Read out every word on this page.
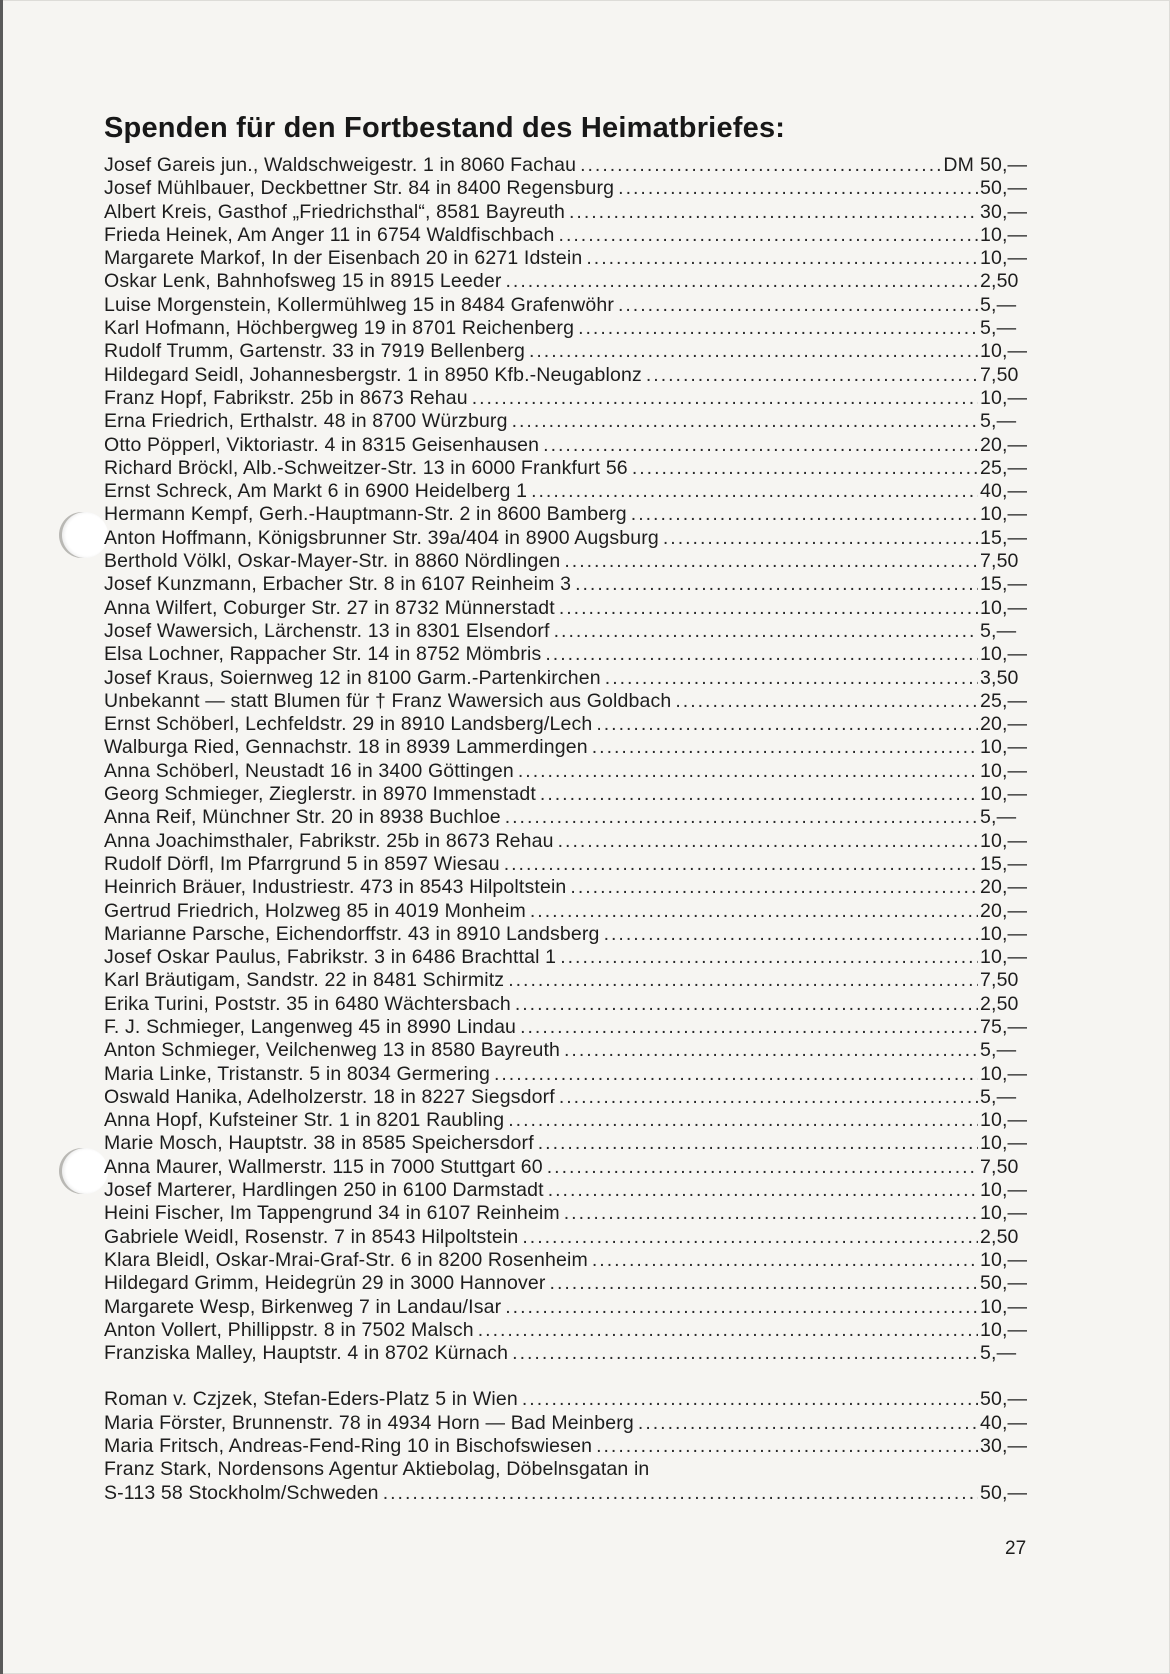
Spenden für den Fortbestand des Heimatbriefes:
Josef Gareis jun., Waldschweigestr. 1 in 8060 Fachau .....	DM 50,—
Josef Mühlbauer, Deckbettner Str. 84 in 8400 Regensburg .....	50,—
Albert Kreis, Gasthof „Friedrichsthal“, 8581 Bayreuth .....	30,—
Frieda Heinek, Am Anger 11 in 6754 Waldfischbach .....	10,—
Margarete Markof, In der Eisenbach 20 in 6271 Idstein .....	10,—
Oskar Lenk, Bahnhofsweg 15 in 8915 Leeder .....	2,50
Luise Morgenstein, Kollermühlweg 15 in 8484 Grafenwöhr .....	5,—
Karl Hofmann, Höchbergweg 19 in 8701 Reichenberg .....	5,—
Rudolf Trumm, Gartenstr. 33 in 7919 Bellenberg .....	10,—
Hildegard Seidl, Johannesbergstr. 1 in 8950 Kfb.-Neugablonz .....	7,50
Franz Hopf, Fabrikstr. 25b in 8673 Rehau .....	10,—
Erna Friedrich, Erthalstr. 48 in 8700 Würzburg .....	5,—
Otto Pöpperl, Viktoriastr. 4 in 8315 Geisenhausen .....	20,—
Richard Bröckl, Alb.-Schweitzer-Str. 13 in 6000 Frankfurt 56 .....	25,—
Ernst Schreck, Am Markt 6 in 6900 Heidelberg 1 .....	40,—
Hermann Kempf, Gerh.-Hauptmann-Str. 2 in 8600 Bamberg .....	10,—
Anton Hoffmann, Königsbrunner Str. 39a/404 in 8900 Augsburg .....	15,—
Berthold Völkl, Oskar-Mayer-Str. in 8860 Nördlingen .....	7,50
Josef Kunzmann, Erbacher Str. 8 in 6107 Reinheim 3 .....	15,—
Anna Wilfert, Coburger Str. 27 in 8732 Münnerstadt .....	10,—
Josef Wawersich, Lärchenstr. 13 in 8301 Elsendorf .....	5,—
Elsa Lochner, Rappacher Str. 14 in 8752 Mömbris .....	10,—
Josef Kraus, Soiernweg 12 in 8100 Garm.-Partenkirchen .....	3,50
Unbekannt — statt Blumen für † Franz Wawersich aus Goldbach .....	25,—
Ernst Schöberl, Lechfeldstr. 29 in 8910 Landsberg/Lech .....	20,—
Walburga Ried, Gennachstr. 18 in 8939 Lammerdingen .....	10,—
Anna Schöberl, Neustadt 16 in 3400 Göttingen .....	10,—
Georg Schmieger, Zieglerstr. in 8970 Immenstadt .....	10,—
Anna Reif, Münchner Str. 20 in 8938 Buchloe .....	5,—
Anna Joachimsthaler, Fabrikstr. 25b in 8673 Rehau .....	10,—
Rudolf Dörfl, Im Pfarrgrund 5 in 8597 Wiesau .....	15,—
Heinrich Bräuer, Industriestr. 473 in 8543 Hilpoltstein .....	20,—
Gertrud Friedrich, Holzweg 85 in 4019 Monheim .....	20,—
Marianne Parsche, Eichendorffstr. 43 in 8910 Landsberg .....	10,—
Josef Oskar Paulus, Fabrikstr. 3 in 6486 Brachttal 1 .....	10,—
Karl Bräutigam, Sandstr. 22 in 8481 Schirmitz .....	7,50
Erika Turini, Poststr. 35 in 6480 Wächtersbach .....	2,50
F. J. Schmieger, Langenweg 45 in 8990 Lindau .....	75,—
Anton Schmieger, Veilchenweg 13 in 8580 Bayreuth .....	5,—
Maria Linke, Tristanstr. 5 in 8034 Germering .....	10,—
Oswald Hanika, Adelholzerstr. 18 in 8227 Siegsdorf .....	5,—
Anna Hopf, Kufsteiner Str. 1 in 8201 Raubling .....	10,—
Marie Mosch, Hauptstr. 38 in 8585 Speichersdorf .....	10,—
Anna Maurer, Wallmerstr. 115 in 7000 Stuttgart 60 .....	7,50
Josef Marterer, Hardlingen 250 in 6100 Darmstadt .....	10,—
Heini Fischer, Im Tappengrund 34 in 6107 Reinheim .....	10,—
Gabriele Weidl, Rosenstr. 7 in 8543 Hilpoltstein .....	2,50
Klara Bleidl, Oskar-Mrai-Graf-Str. 6 in 8200 Rosenheim .....	10,—
Hildegard Grimm, Heidegrün 29 in 3000 Hannover .....	50,—
Margarete Wesp, Birkenweg 7 in Landau/Isar .....	10,—
Anton Vollert, Phillippstr. 8 in 7502 Malsch .....	10,—
Franziska Malley, Hauptstr. 4 in 8702 Kürnach .....	5,—
Roman v. Czjzek, Stefan-Eders-Platz 5 in Wien .....	50,—
Maria Förster, Brunnenstr. 78 in 4934 Horn — Bad Meinberg .....	40,—
Maria Fritsch, Andreas-Fend-Ring 10 in Bischofswiesen .....	30,—
Franz Stark, Nordensons Agentur Aktiebolag, Döbelnsgatan in
S-113 58 Stockholm/Schweden .....	50,—
27
